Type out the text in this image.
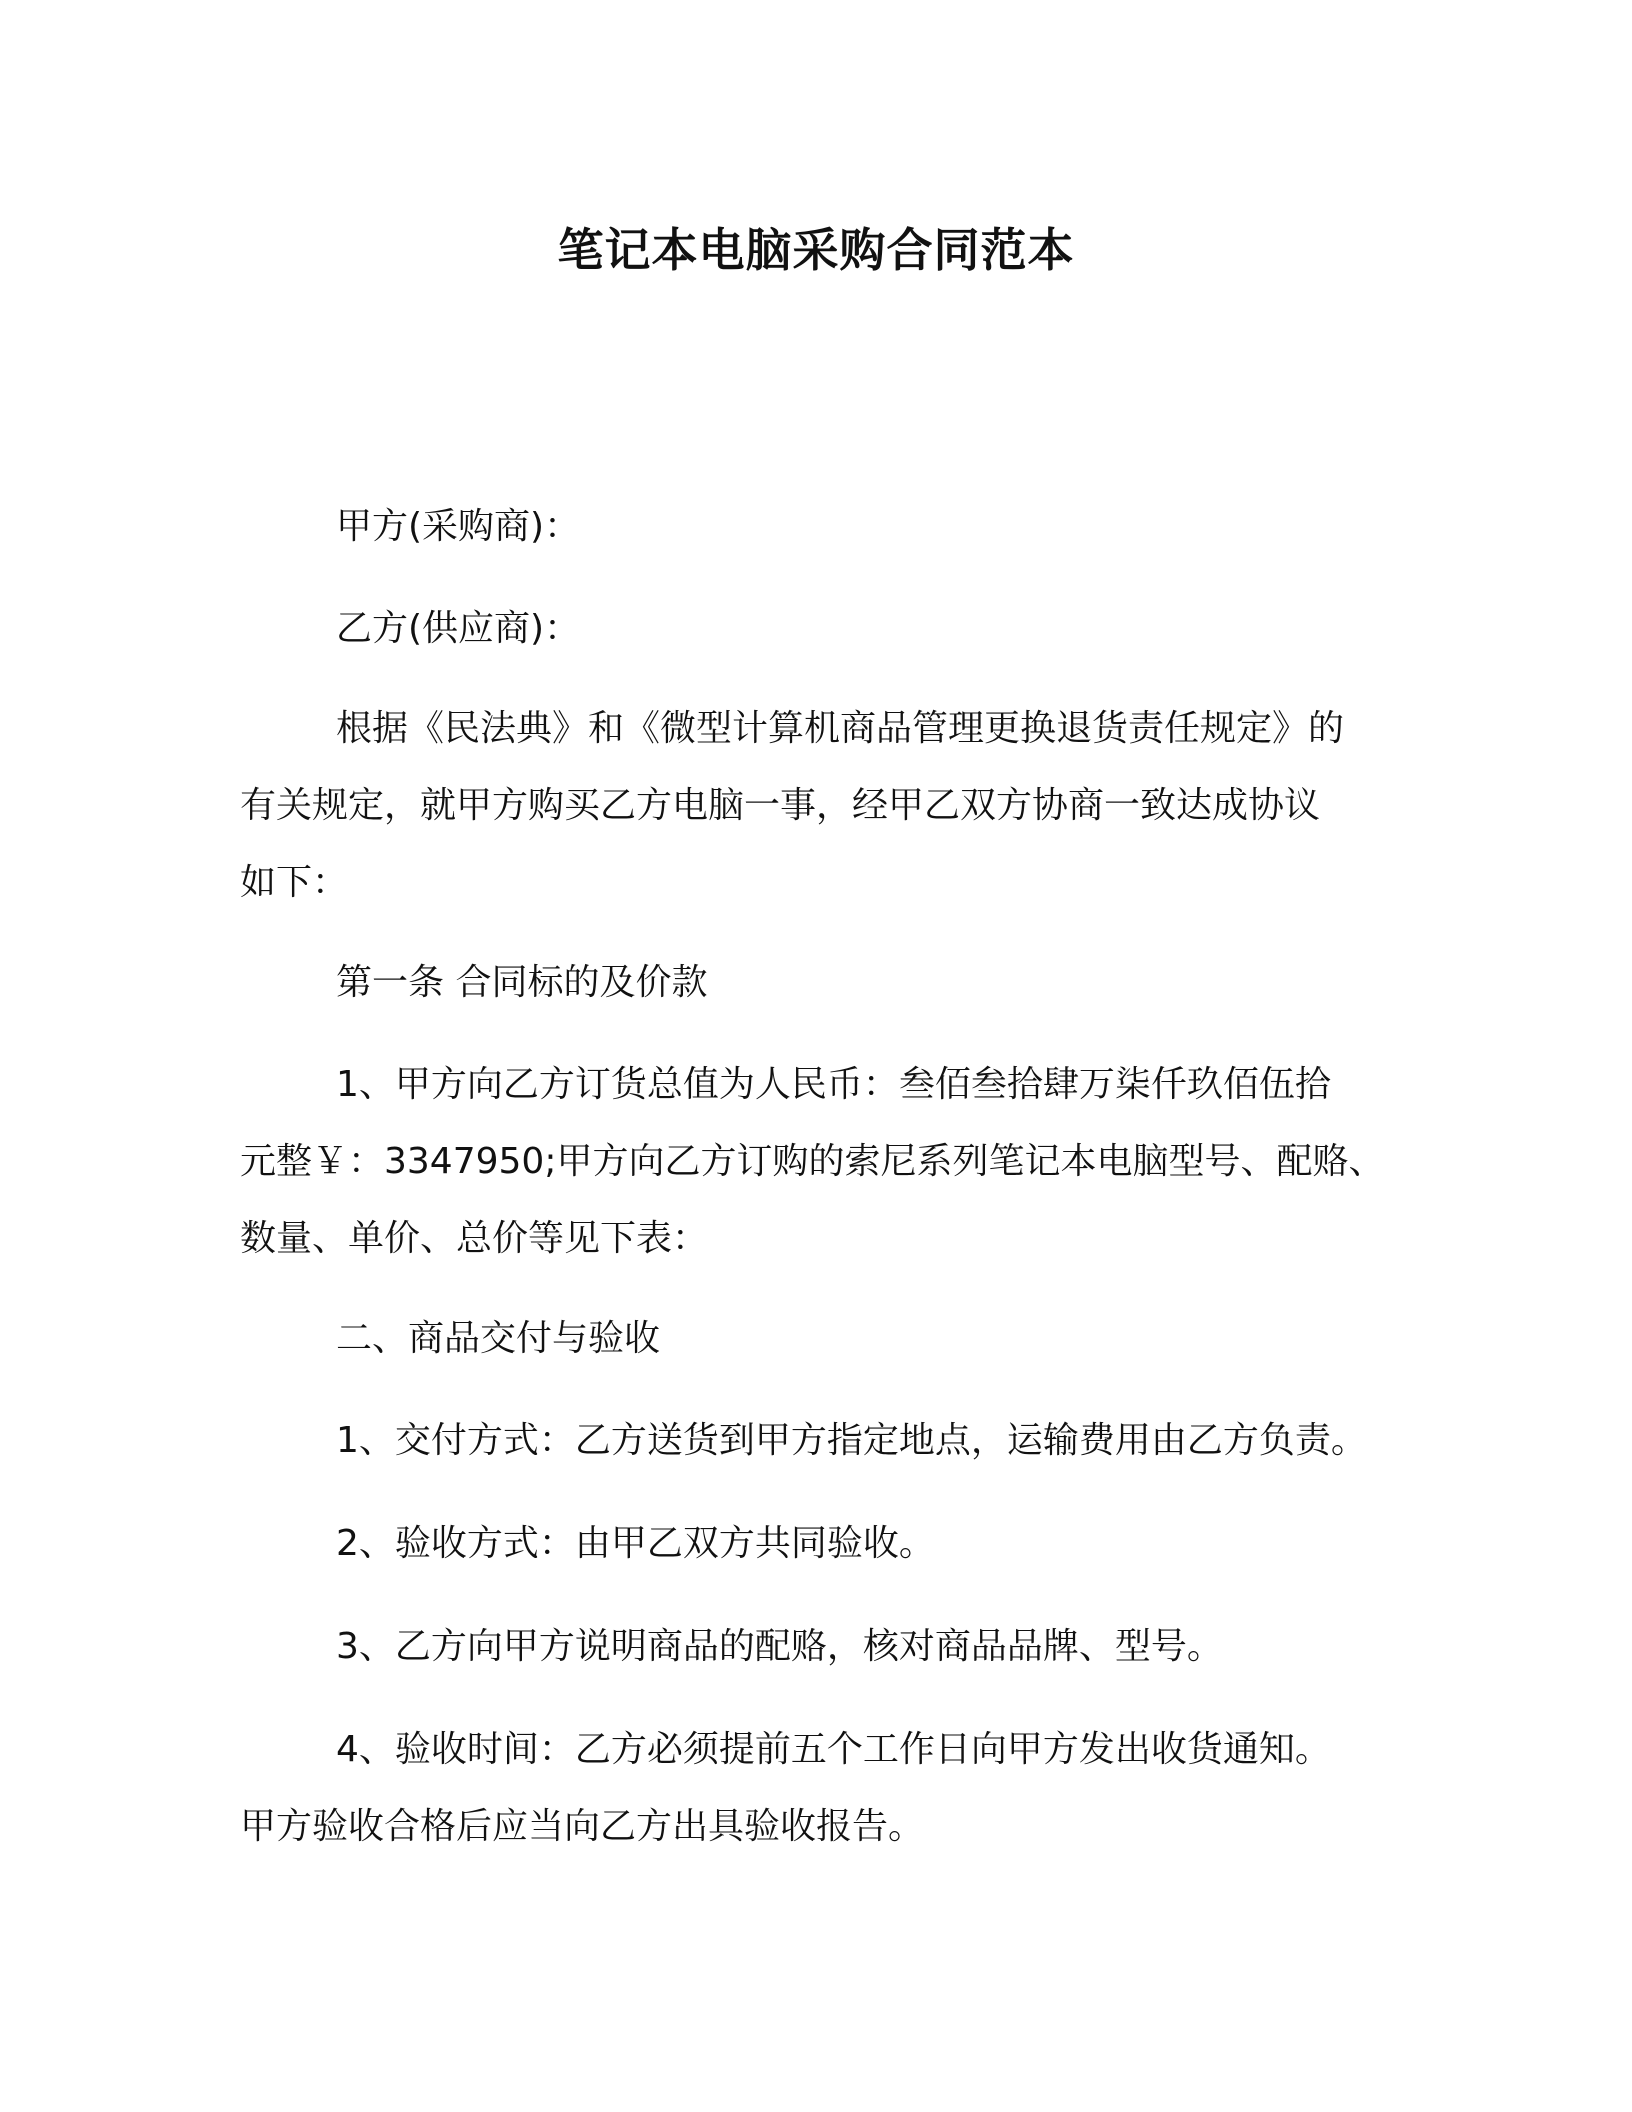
笔记本电脑采购合同范本

甲方(采购商)：

乙方(供应商)：

根据《民法典》和《微型计算机商品管理更换退货责任规定》的
有关规定，就甲方购买乙方电脑一事，经甲乙双方协商一致达成协议
如下：

第一条 合同标的及价款

1、甲方向乙方订货总值为人民币：叁佰叁拾肆万柒仟玖佰伍拾
元整￥：3347950;甲方向乙方订购的索尼系列笔记本电脑型号、配赂、
数量、单价、总价等见下表：

二、商品交付与验收

1、交付方式：乙方送货到甲方指定地点，运输费用由乙方负责。

2、验收方式：由甲乙双方共同验收。

3、乙方向甲方说明商品的配赂，核对商品品牌、型号。

4、验收时间：乙方必须提前五个工作日向甲方发出收货通知。
甲方验收合格后应当向乙方出具验收报告。
